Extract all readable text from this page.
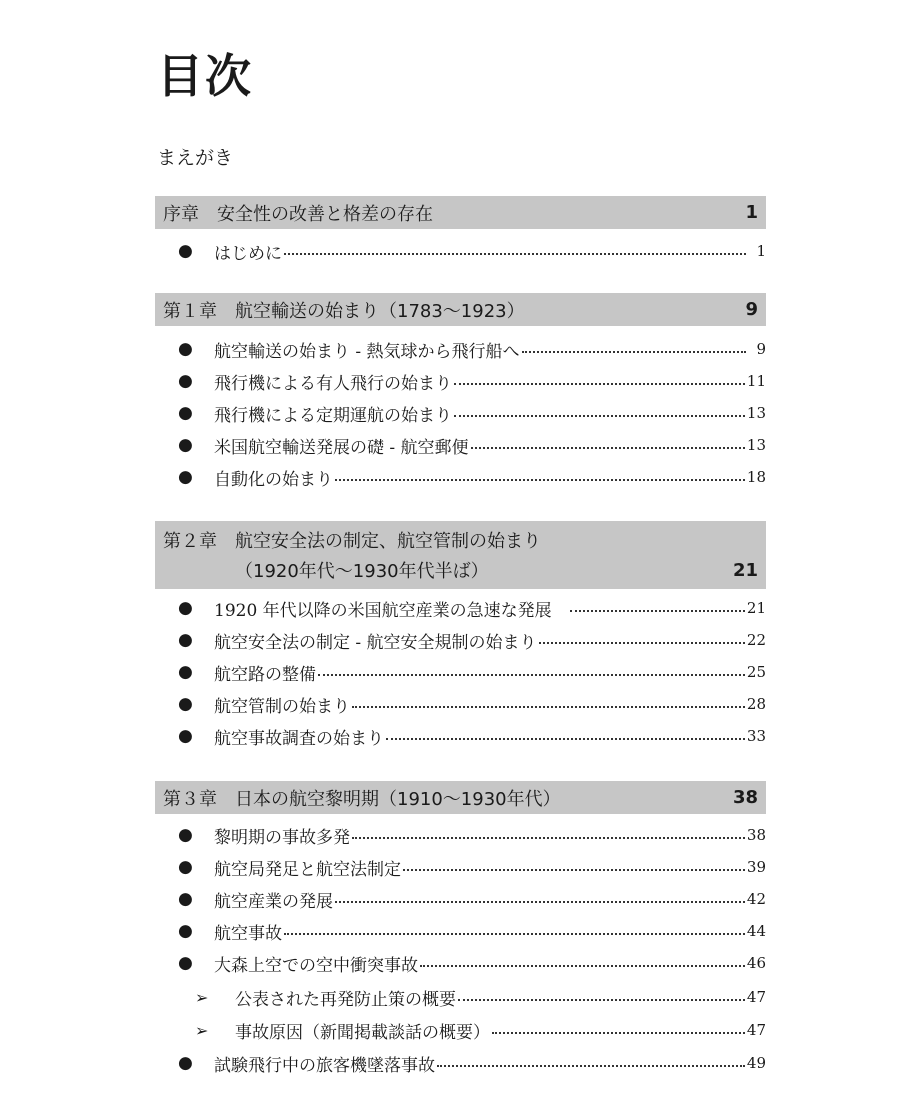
目次
まえがき
序章　安全性の改善と格差の存在	1
●	はじめに	1
第１章　航空輸送の始まり（1783〜1923）	9
●	航空輸送の始まり - 熱気球から飛行船へ	9
●	飛行機による有人飛行の始まり	11
●	飛行機による定期運航の始まり	13
●	米国航空輸送発展の礎 - 航空郵便	13
●	自動化の始まり	18
第２章　航空安全法の制定、航空管制の始まり
（1920年代〜1930年代半ば）	21
●	1920 年代以降の米国航空産業の急速な発展	21
●	航空安全法の制定 - 航空安全規制の始まり	22
●	航空路の整備	25
●	航空管制の始まり	28
●	航空事故調査の始まり	33
第３章　日本の航空黎明期（1910〜1930年代）	38
●	黎明期の事故多発	38
●	航空局発足と航空法制定	39
●	航空産業の発展	42
●	航空事故	44
●	大森上空での空中衝突事故	46
➢	公表された再発防止策の概要	47
➢	事故原因（新聞掲載談話の概要）	47
●	試験飛行中の旅客機墜落事故	49
